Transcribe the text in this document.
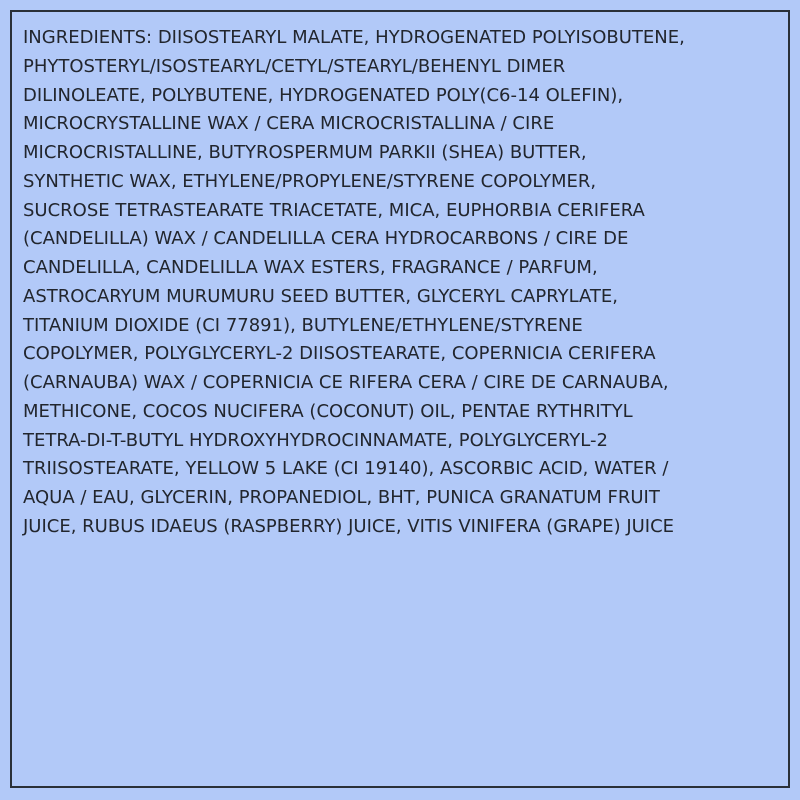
INGREDIENTS: DIISOSTEARYL MALATE, HYDROGENATED POLYISOBUTENE,
PHYTOSTERYL/ISOSTEARYL/CETYL/STEARYL/BEHENYL DIMER
DILINOLEATE, POLYBUTENE, HYDROGENATED POLY(C6-14 OLEFIN),
MICROCRYSTALLINE WAX / CERA MICROCRISTALLINA / CIRE
MICROCRISTALLINE, BUTYROSPERMUM PARKII (SHEA) BUTTER,
SYNTHETIC WAX, ETHYLENE/PROPYLENE/STYRENE COPOLYMER,
SUCROSE TETRASTEARATE TRIACETATE, MICA, EUPHORBIA CERIFERA
(CANDELILLA) WAX / CANDELILLA CERA HYDROCARBONS / CIRE DE
CANDELILLA, CANDELILLA WAX ESTERS, FRAGRANCE / PARFUM,
ASTROCARYUM MURUMURU SEED BUTTER, GLYCERYL CAPRYLATE,
TITANIUM DIOXIDE (CI 77891), BUTYLENE/ETHYLENE/STYRENE
COPOLYMER, POLYGLYCERYL-2 DIISOSTEARATE, COPERNICIA CERIFERA
(CARNAUBA) WAX / COPERNICIA CE RIFERA CERA / CIRE DE CARNAUBA,
METHICONE, COCOS NUCIFERA (COCONUT) OIL, PENTAE RYTHRITYL
TETRA-DI-T-BUTYL HYDROXYHYDROCINNAMATE, POLYGLYCERYL-2
TRIISOSTEARATE, YELLOW 5 LAKE (CI 19140), ASCORBIC ACID, WATER /
AQUA / EAU, GLYCERIN, PROPANEDIOL, BHT, PUNICA GRANATUM FRUIT
JUICE, RUBUS IDAEUS (RASPBERRY) JUICE, VITIS VINIFERA (GRAPE) JUICE
